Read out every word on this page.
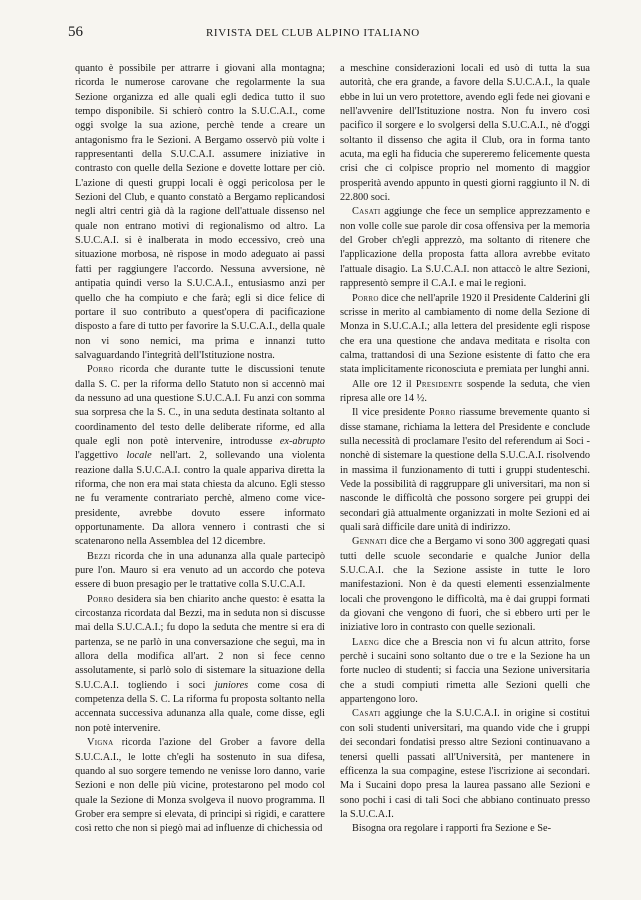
56	RIVISTA DEL CLUB ALPINO ITALIANO

quanto è possibile per attrarre i giovani alla montagna; ricorda le numerose carovane che regolarmente la sua Sezione organizza ed alle quali egli dedica tutto il suo tempo disponibile. Si schierò contro la S.U.C.A.I., come oggi svolge la sua azione, perchè tende a creare un antagonismo fra le Sezioni. A Bergamo osservò più volte i rappresentanti della S.U.C.A.I. assumere iniziative in contrasto con quelle della Sezione e dovette lottare per ciò. L'azione di questi gruppi locali è oggi pericolosa per le Sezioni del Club, e quanto constatò a Bergamo replicandosi negli altri centri già dà la ragione dell'attuale dissenso nel quale non entrano motivi di regionalismo od altro. La S.U.C.A.I. si è inalberata in modo eccessivo, creò una situazione morbosa, nè rispose in modo adeguato ai passi fatti per raggiungere l'accordo. Nessuna avversione, nè antipatia quindi verso la S.U.C.A.I., entusiasmo anzi per quello che ha compiuto e che farà; egli si dice felice di portare il suo contributo a quest'opera di pacificazione disposto a fare di tutto per favorire la S.U.C.A.I., della quale non vi sono nemici, ma prima e innanzi tutto salvaguardando l'integrità dell'Istituzione nostra.

Porro ricorda che durante tutte le discussioni tenute dalla S. C. per la riforma dello Statuto non si accennò mai da nessuno ad una questione S.U.C.A.I. Fu anzi con somma sua sorpresa che la S. C., in una seduta destinata soltanto al coordinamento del testo delle deliberate riforme, ed alla quale egli non potè intervenire, introdusse ex-abrupto l'aggettivo locale nell'art. 2, sollevando una violenta reazione dalla S.U.C.A.I. contro la quale appariva diretta la riforma, che non era mai stata chiesta da alcuno. Egli stesso ne fu veramente contrariato perchè, almeno come vice-presidente, avrebbe dovuto essere informato opportunamente. Da allora vennero i contrasti che si scatenarono nella Assemblea del 12 dicembre.

Bezzi ricorda che in una adunanza alla quale partecipò pure l'on. Mauro si era venuto ad un accordo che poteva essere di buon presagio per le trattative colla S.U.C.A.I.

Porro desidera sia ben chiarito anche questo: è esatta la circostanza ricordata dal Bezzi, ma in seduta non si discusse mai della S.U.C.A.I.; fu dopo la seduta che mentre si era di partenza, se ne parlò in una conversazione che seguì, ma in allora della modifica all'art. 2 non si fece cenno assolutamente, si parlò solo di sistemare la situazione della S.U.C.A.I. togliendo i soci juniores come cosa di competenza della S. C. La riforma fu proposta soltanto nella accennata successiva adunanza alla quale, come disse, egli non potè intervenire.

Vigna ricorda l'azione del Grober a favore della S.U.C.A.I., le lotte ch'egli ha sostenuto in sua difesa, quando al suo sorgere temendo ne venisse loro danno, varie Sezioni e non delle più vicine, protestarono pel modo col quale la Sezione di Monza svolgeva il nuovo programma. Il Grober era sempre si elevata, di principi sì rigidi, e carattere così retto che non si piegò mai ad influenze di chichessia od

a meschine considerazioni locali ed usò di tutta la sua autorità, che era grande, a favore della S.U.C.A.I., la quale ebbe in lui un vero protettore, avendo egli fede nei giovani e nell'avvenire dell'Istituzione nostra. Non fu invero così pacifico il sorgere e lo svolgersi della S.U.C.A.I., nè d'oggi soltanto il dissenso che agita il Club, ora in forma tanto acuta, ma egli ha fiducia che supereremo felicemente questa crisi che ci colpisce proprio nel momento di maggior prosperità avendo appunto in questi giorni raggiunto il N. di 22.800 soci.

Casati aggiunge che fece un semplice apprezzamento e non volle colle sue parole dir cosa offensiva per la memoria del Grober ch'egli apprezzò, ma soltanto di ritenere che l'applicazione della proposta fatta allora avrebbe evitato l'attuale disagio. La S.U.C.A.I. non attaccò le altre Sezioni, rappresentò sempre il C.A.I. e mai le regioni.

Porro dice che nell'aprile 1920 il Presidente Calderini gli scrisse in merito al cambiamento di nome della Sezione di Monza in S.U.C.A.I.; alla lettera del presidente egli rispose che era una questione che andava meditata e risolta con calma, trattandosi di una Sezione esistente di fatto che era stata implicitamente riconosciuta e premiata per lunghi anni.

Alle ore 12 il Presidente sospende la seduta, che vien ripresa alle ore 14 ½.

Il vice presidente Porro riassume brevemente quanto si disse stamane, richiama la lettera del Presidente e conclude sulla necessità di proclamare l'esito del referendum ai Soci - nonchè di sistemare la questione della S.U.C.A.I. risolvendo in massima il funzionamento di tutti i gruppi studenteschi. Vede la possibilità di raggruppare gli universitari, ma non si nasconde le difficoltà che possono sorgere pei gruppi dei secondari già attualmente organizzati in molte Sezioni ed ai quali sarà difficile dare unità di indirizzo.

Gennati dice che a Bergamo vi sono 300 aggregati quasi tutti delle scuole secondarie e qualche Junior della S.U.C.A.I. che la Sezione assiste in tutte le loro manifestazioni. Non è da questi elementi essenzialmente locali che provengono le difficoltà, ma è dai gruppi formati da giovani che vengono di fuori, che si ebbero urti per le iniziative loro in contrasto con quelle sezionali.

Laeng dice che a Brescia non vi fu alcun attrito, forse perchè i sucaini sono soltanto due o tre e la Sezione ha un forte nucleo di studenti; si faccia una Sezione universitaria che a studi compiuti rimetta alle Sezioni quelli che appartengono loro.

Casati aggiunge che la S.U.C.A.I. in origine si costituì con soli studenti universitari, ma quando vide che i gruppi dei secondari fondatisi presso altre Sezioni continuavano a tenersi quelli passati all'Università, per mantenere in efficenza la sua compagine, estese l'iscrizione ai secondari. Ma i Sucaini dopo presa la laurea passano alle Sezioni e sono pochi i casi di tali Soci che abbiano continuato presso la S.U.C.A.I.

Bisogna ora regolare i rapporti fra Sezione e Se-
